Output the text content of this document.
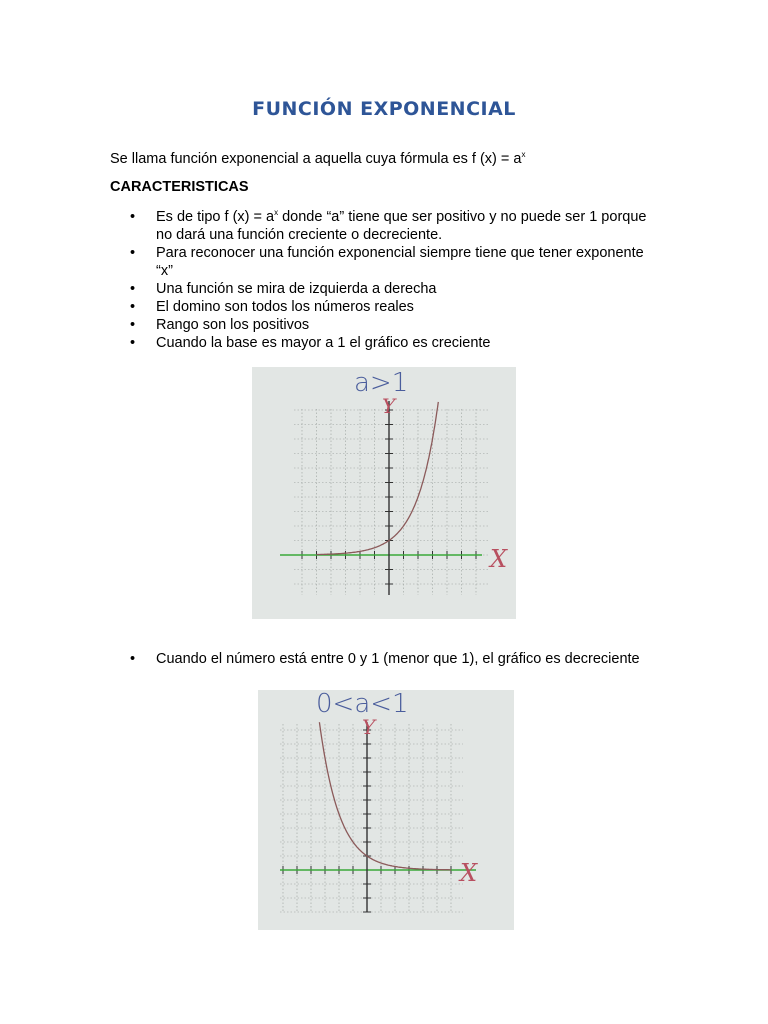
FUNCIÓN EXPONENCIAL
Se llama función exponencial a aquella cuya fórmula es f $(x) = a^x$
CARACTERISTICAS
• Es de tipo f $(x) = a^x$ donde “a” tiene que ser positivo y no puede ser 1 porque no dará una función creciente o decreciente.
• Para reconocer una función exponencial siempre tiene que tener exponente “x”
• Una función se mira de izquierda a derecha
• El domino son todos los números reales
• Rango son los positivos
• Cuando la base es mayor a 1 el gráfico es creciente
a>1
X
Y
• Cuando el número está entre 0 y 1 (menor que 1), el gráfico es decreciente
0<a<1
X
Y
